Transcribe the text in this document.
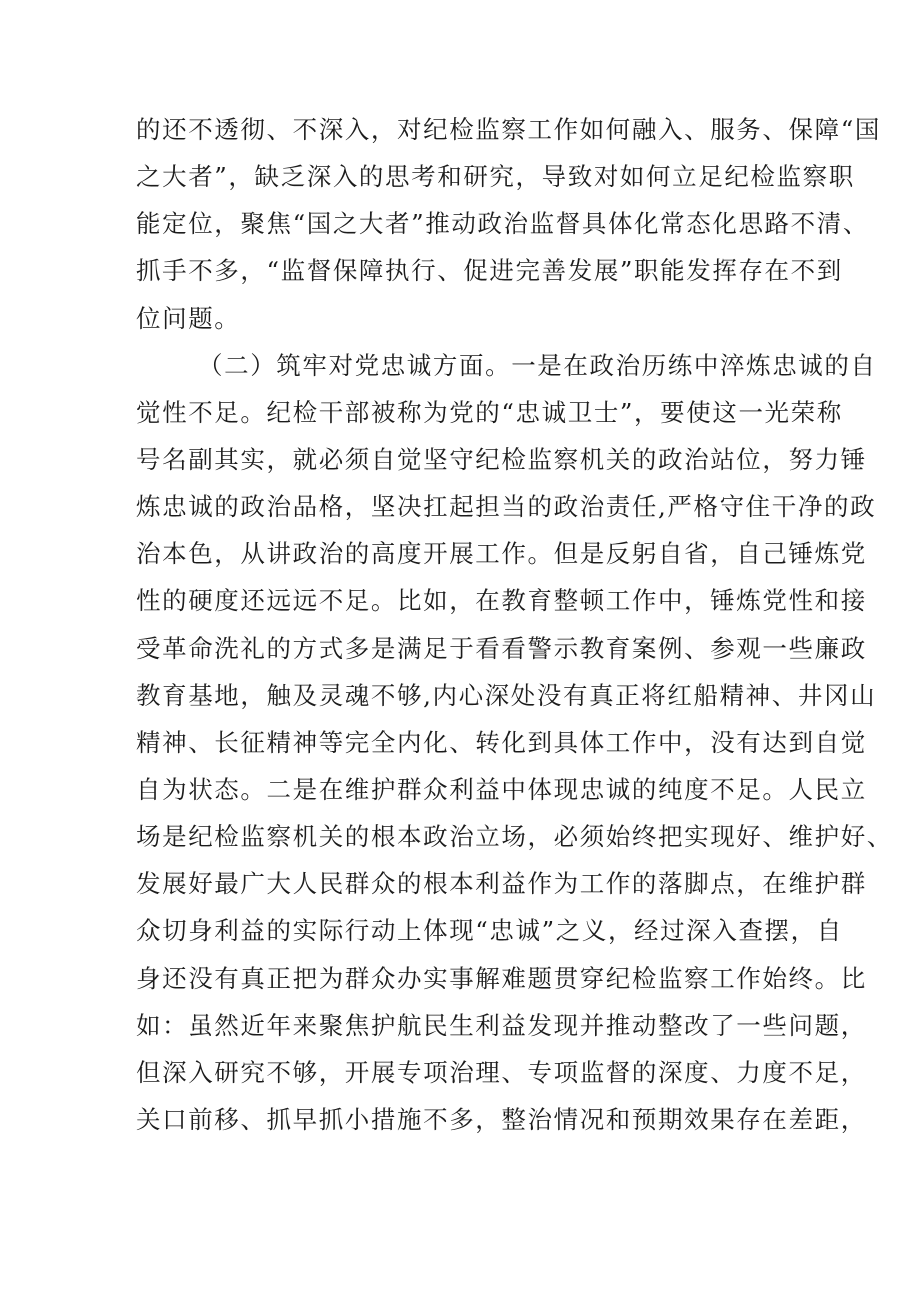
的还不透彻、不深入，对纪检监察工作如何融入、服务、保障“国
之大者”，缺乏深入的思考和研究，导致对如何立足纪检监察职
能定位，聚焦“国之大者”推动政治监督具体化常态化思路不清、
抓手不多，“监督保障执行、促进完善发展”职能发挥存在不到
位问题。
（二）筑牢对党忠诚方面。一是在政治历练中淬炼忠诚的自
觉性不足。纪检干部被称为党的“忠诚卫士”，要使这一光荣称
号名副其实，就必须自觉坚守纪检监察机关的政治站位，努力锤
炼忠诚的政治品格，坚决扛起担当的政治责任,严格守住干净的政
治本色，从讲政治的高度开展工作。但是反躬自省，自己锤炼党
性的硬度还远远不足。比如，在教育整顿工作中，锤炼党性和接
受革命洗礼的方式多是满足于看看警示教育案例、参观一些廉政
教育基地，触及灵魂不够,内心深处没有真正将红船精神、井冈山
精神、长征精神等完全内化、转化到具体工作中，没有达到自觉
自为状态。二是在维护群众利益中体现忠诚的纯度不足。人民立
场是纪检监察机关的根本政治立场，必须始终把实现好、维护好、
发展好最广大人民群众的根本利益作为工作的落脚点，在维护群
众切身利益的实际行动上体现“忠诚”之义，经过深入查摆，自
身还没有真正把为群众办实事解难题贯穿纪检监察工作始终。比
如：虽然近年来聚焦护航民生利益发现并推动整改了一些问题，
但深入研究不够，开展专项治理、专项监督的深度、力度不足，
关口前移、抓早抓小措施不多，整治情况和预期效果存在差距，
